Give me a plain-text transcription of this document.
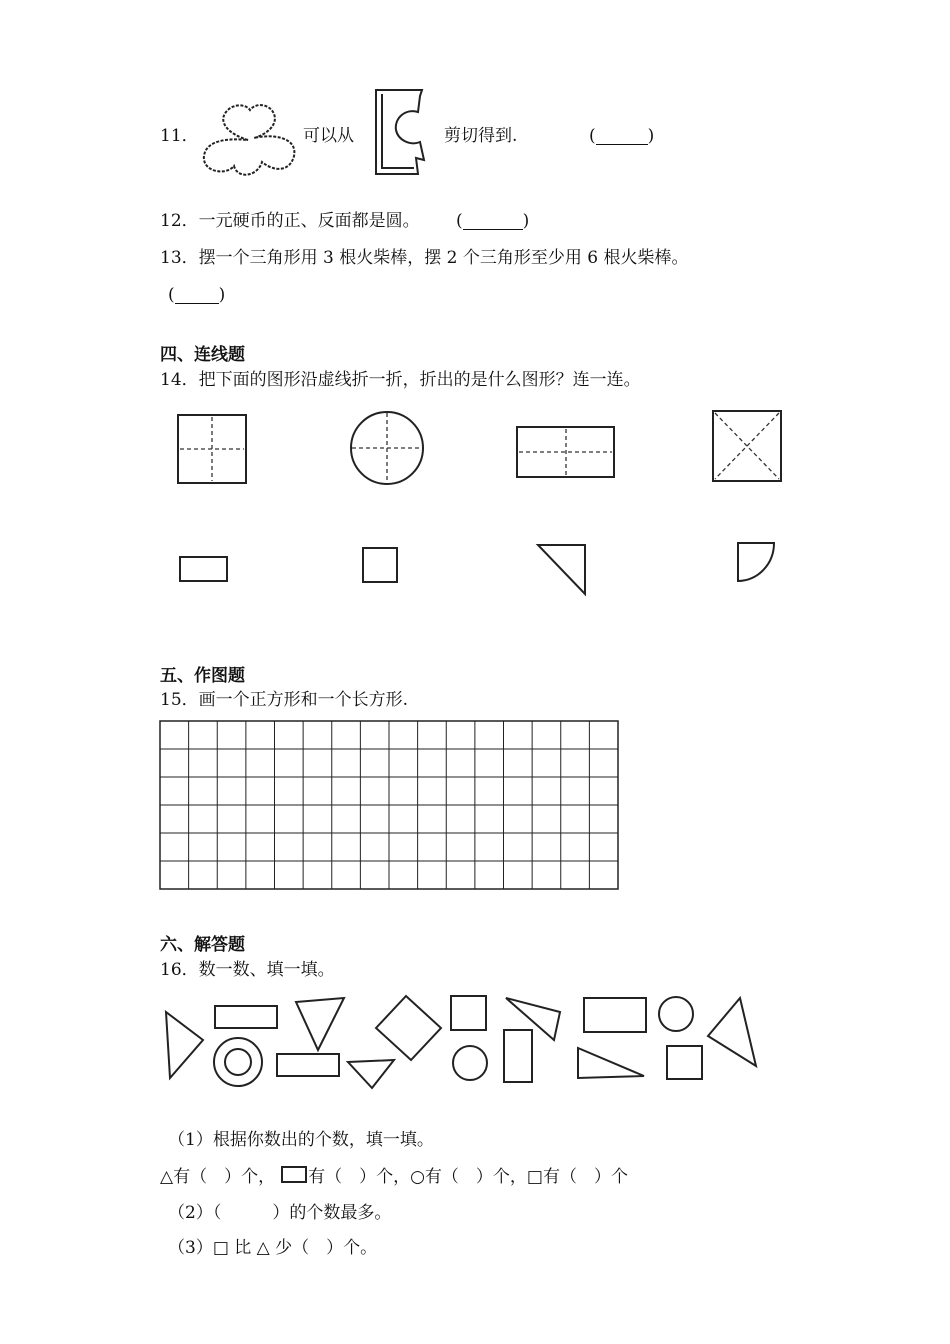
11．	可以从	剪切得到.	(	)
12．一元硬币的正、反面都是圆。 (	)
13．摆一个三角形用 3 根火柴棒，摆 2 个三角形至少用 6 根火柴棒。
(	)
四、连线题
14．把下面的图形沿虚线折一折，折出的是什么图形？连一连。
五、作图题
15．画一个正方形和一个长方形.
六、解答题
16．数一数、填一填。
（1）根据你数出的个数，填一填。
△有（　）个， 有（　）个，○有（　）个，□有（　）个
（2）（　　　）的个数最多。
（3）□ 比 △ 少（　）个。
